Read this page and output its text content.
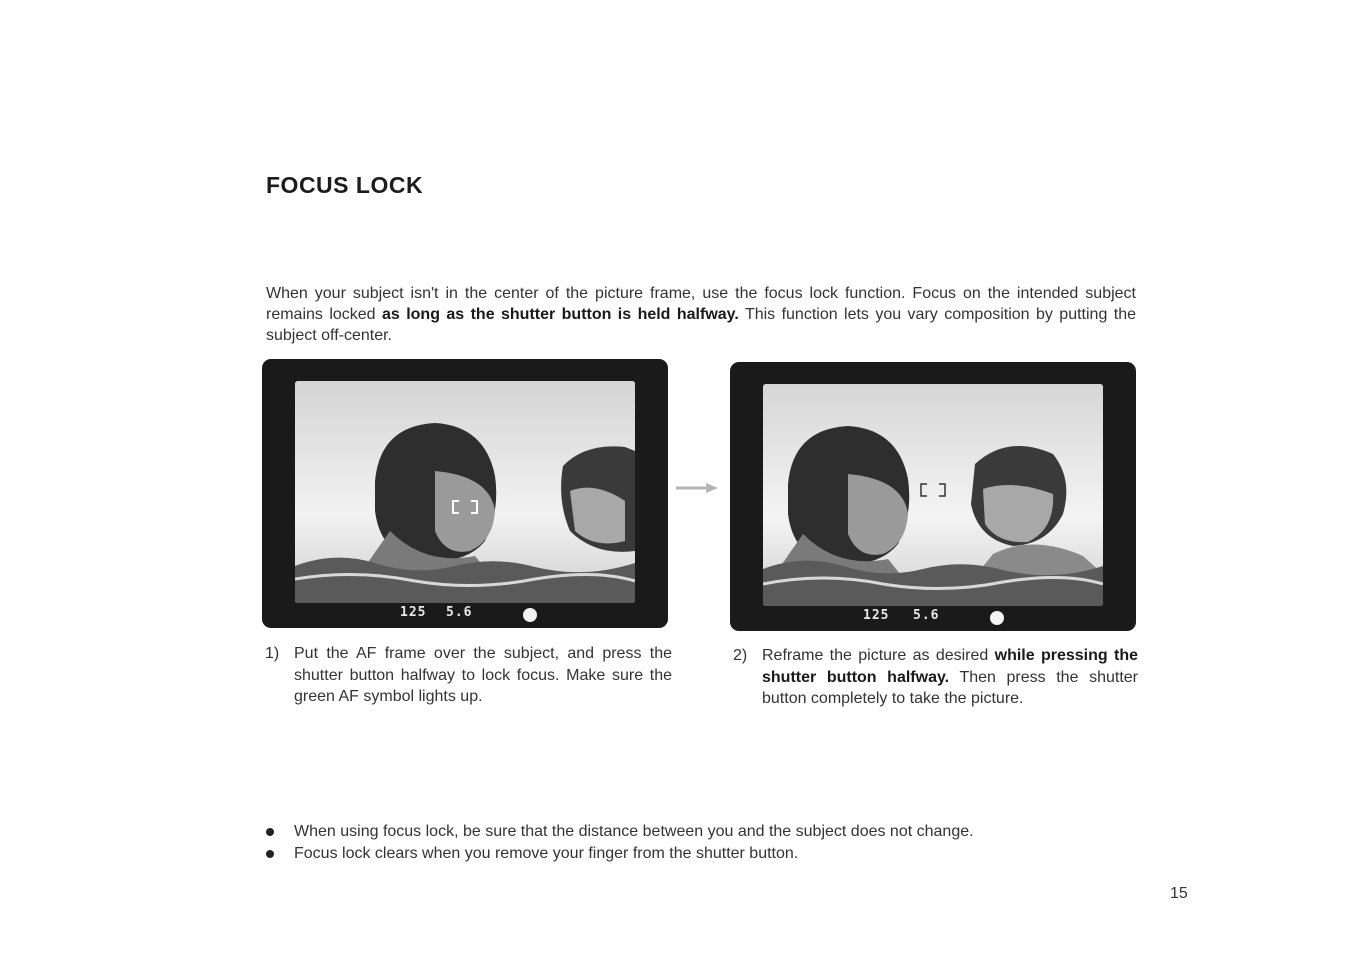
FOCUS LOCK

When your subject isn't in the center of the picture frame, use the focus lock function. Focus on the intended subject remains locked as long as the shutter button is held halfway. This function lets you vary composition by putting the subject off-center.

125 5.6	125 5.6
1) Put the AF frame over the subject, and press the shutter button halfway to lock focus. Make sure the green AF symbol lights up.
2) Reframe the picture as desired while pressing the shutter button halfway. Then press the shutter button completely to take the picture.
When using focus lock, be sure that the distance between you and the subject does not change.
Focus lock clears when you remove your finger from the shutter button.
15
